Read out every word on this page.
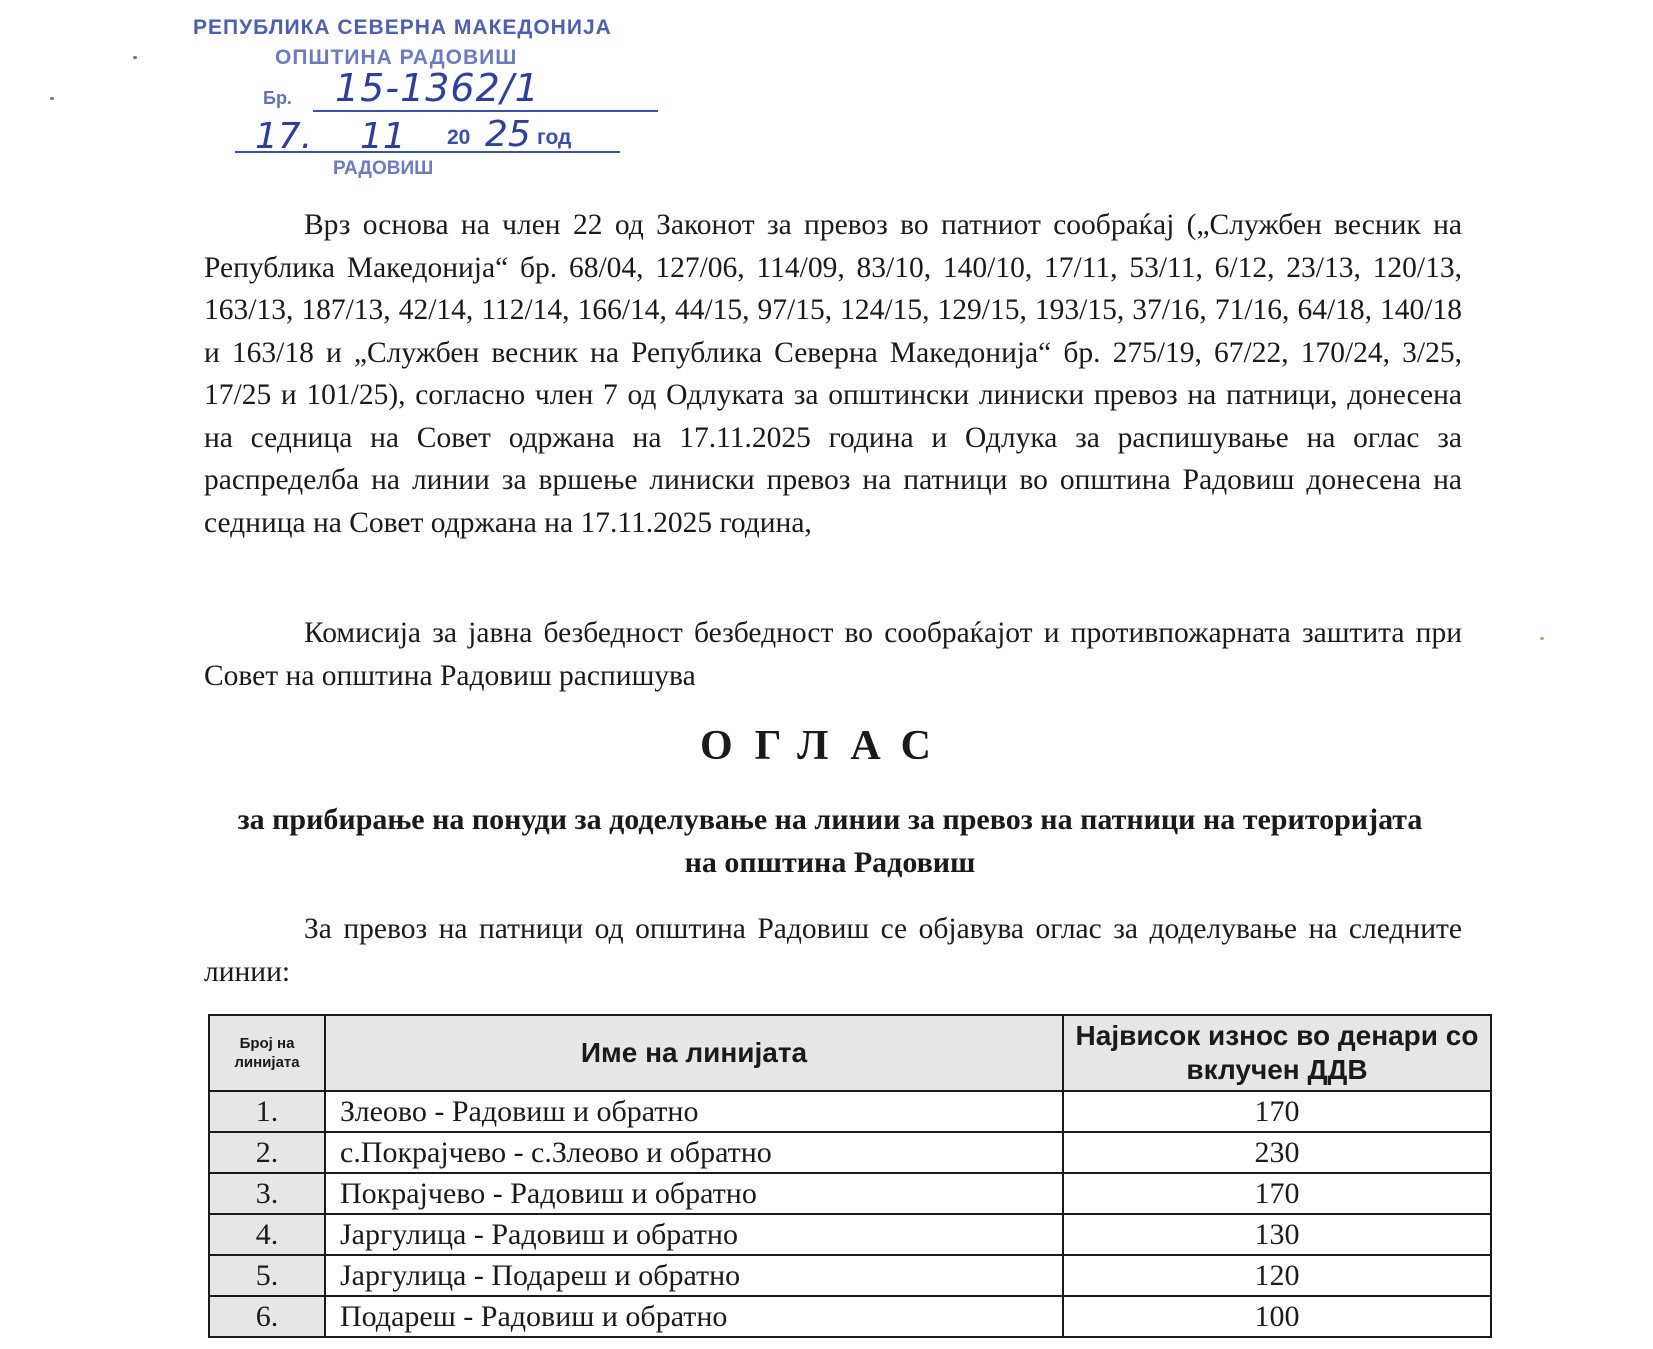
РЕПУБЛИКА СЕВЕРНА МАКЕДОНИЈА
ОПШТИНА РАДОВИШ
Бр. 15-1362/1
17. 11 20 25 год
РАДОВИШ

Врз основа на член 22 од Законот за превоз во патниот сообраќај („Службен весник на Република Македонија“ бр. 68/04, 127/06, 114/09, 83/10, 140/10, 17/11, 53/11, 6/12, 23/13, 120/13, 163/13, 187/13, 42/14, 112/14, 166/14, 44/15, 97/15, 124/15, 129/15, 193/15, 37/16, 71/16, 64/18, 140/18 и 163/18 и „Службен весник на Република Северна Македонија“ бр. 275/19, 67/22, 170/24, 3/25, 17/25 и 101/25), согласно член 7 од Одлуката за општински линиски превоз на патници, донесена на седница на Совет одржана на 17.11.2025 година и Одлука за распишување на оглас за распределба на линии за вршење линиски превоз на патници во општина Радовиш донесена на седница на Совет одржана на 17.11.2025 година,

Комисија за јавна безбедност безбедност во сообраќајот и противпожарната заштита при Совет на општина Радовиш распишува

ОГЛАС
за прибирање на понуди за доделување на линии за превоз на патници на територијата на општина Радовиш

За превоз на патници од општина Радовиш се објавува оглас за доделување на следните линии:

Број на линијата	Име на линијата	Највисок износ во денари со вклучен ДДВ
1.	Злеово - Радовиш и обратно	170
2.	с.Покрајчево - с.Злеово и обратно	230
3.	Покрајчево - Радовиш и обратно	170
4.	Јаргулица - Радовиш и обратно	130
5.	Јаргулица - Подареш и обратно	120
6.	Подареш - Радовиш и обратно	100
